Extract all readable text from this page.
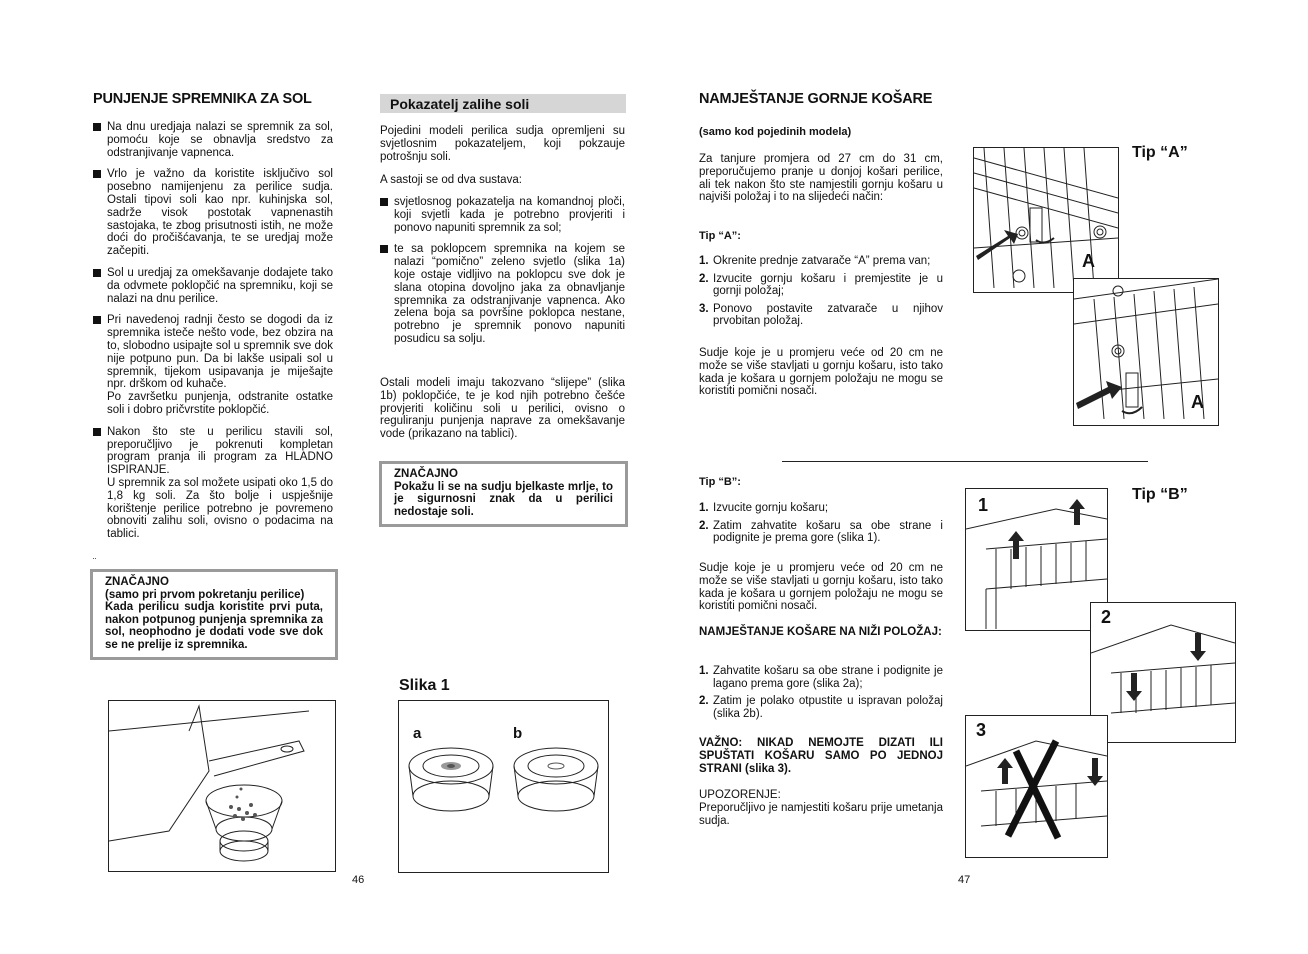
PUNJENJE SPREMNIKA ZA SOL
Na dnu uredjaja nalazi se spremnik za sol, pomoću koje se obnavlja sredstvo za odstranjivanje vapnenca.
Vrlo je važno da koristite isključivo sol posebno namijenjenu za perilice sudja. Ostali tipovi soli kao npr. kuhinjska sol, sadrže visok postotak vapnenastih sastojaka, te zbog prisutnosti istih, ne može doći do pročišćavanja, te se uredjaj može začepiti.
Sol u uredjaj za omekšavanje dodajete tako da odvmete poklopčić na spremniku, koji se nalazi na dnu perilice.
Pri navedenoj radnji često se dogodi da iz spremnika isteče nešto vode, bez obzira na to, slobodno usipajte sol u spremnik sve dok nije potpuno pun. Da bi lakše usipali sol u spremnik, tijekom usipavanja je miješajte npr. drškom od kuhače.
Po završetku punjenja, odstranite ostatke soli i dobro pričvrstite poklopčić.
Nakon što ste u perilicu stavili sol, preporučljivo je pokrenuti kompletan program pranja ili program za HLADNO ISPIRANJE.
U spremnik za sol možete usipati oko 1,5 do 1,8 kg soli. Za što bolje i uspješnije korištenje perilice potrebno je povremeno obnoviti zalihu soli, ovisno o podacima na tablici.
¨
ZNAČAJNO
(samo pri prvom pokretanju perilice)
Kada perilicu sudja koristite prvi puta, nakon potpunog punjenja spremnika za sol, neophodno je dodati vode sve dok se ne prelije iz spremnika.
Pokazatelj zalihe soli
Pojedini modeli perilica sudja opremljeni su svjetlosnim pokazateljem, koji pokzauje potrošnju soli.
A sastoji se od dva sustava:
svjetlosnog pokazatelja na komandnoj ploči, koji svjetli kada je potrebno provjeriti i ponovo napuniti spremnik za sol;
te sa poklopcem spremnika na kojem se nalazi “pomično” zeleno svjetlo (slika 1a) koje ostaje vidljivo na poklopcu sve dok je slana otopina dovoljno jaka za obnavljanje spremnika za odstranjivanje vapnenca. Ako zelena boja sa površine poklopca nestane, potrebno je spremnik ponovo napuniti posudicu sa solju.
Ostali modeli imaju takozvano “slijepe” (slika 1b) poklopčiće, te je kod njih potrebno češće provjeriti količinu soli u perilici, ovisno o reguliranju punjenja naprave za omekšavanje vode (prikazano na tablici).
ZNAČAJNO
Pokažu li se na sudju bjelkaste mrlje, to je sigurnosni znak da u perilici nedostaje soli.
Slika 1
a	b
46
NAMJEŠTANJE GORNJE KOŠARE
(samo kod pojedinih modela)
Za tanjure promjera od 27 cm do 31 cm, preporučujemo pranje u donjoj košari perilice, ali tek nakon što ste namjestili gornju košaru u najviši položaj i to na slijedeći način:
Tip “A”:
1. Okrenite prednje zatvarače “A” prema van;
2. Izvucite gornju košaru i premjestite je u gornji položaj;
3. Ponovo postavite zatvarače u njihov prvobitan položaj.
Sudje koje je u promjeru veće od 20 cm ne može se više stavljati u gornju košaru, isto tako kada je košara u gornjem položaju ne mogu se koristiti pomični nosači.
Tip “B”:
1. Izvucite gornju košaru;
2. Zatim zahvatite košaru sa obe strane i podignite je prema gore (slika 1).
Sudje koje je u promjeru veće od 20 cm ne može se više stavljati u gornju košaru, isto tako kada je košara u gornjem položaju ne mogu se koristiti pomični nosači.
NAMJEŠTANJE KOŠARE NA NIŽI POLOŽAJ:
1. Zahvatite košaru sa obe strane i podignite je lagano prema gore (slika 2a);
2. Zatim je polako otpustite u ispravan položaj (slika 2b).
VAŽNO: NIKAD NEMOJTE DIZATI ILI SPUŠTATI KOŠARU SAMO PO JEDNOJ STRANI (slika 3).
UPOZORENJE:
Preporučljivo je namjestiti košaru prije umetanja sudja.
47
Tip “A”
A
A
Tip “B”
1
2
3
